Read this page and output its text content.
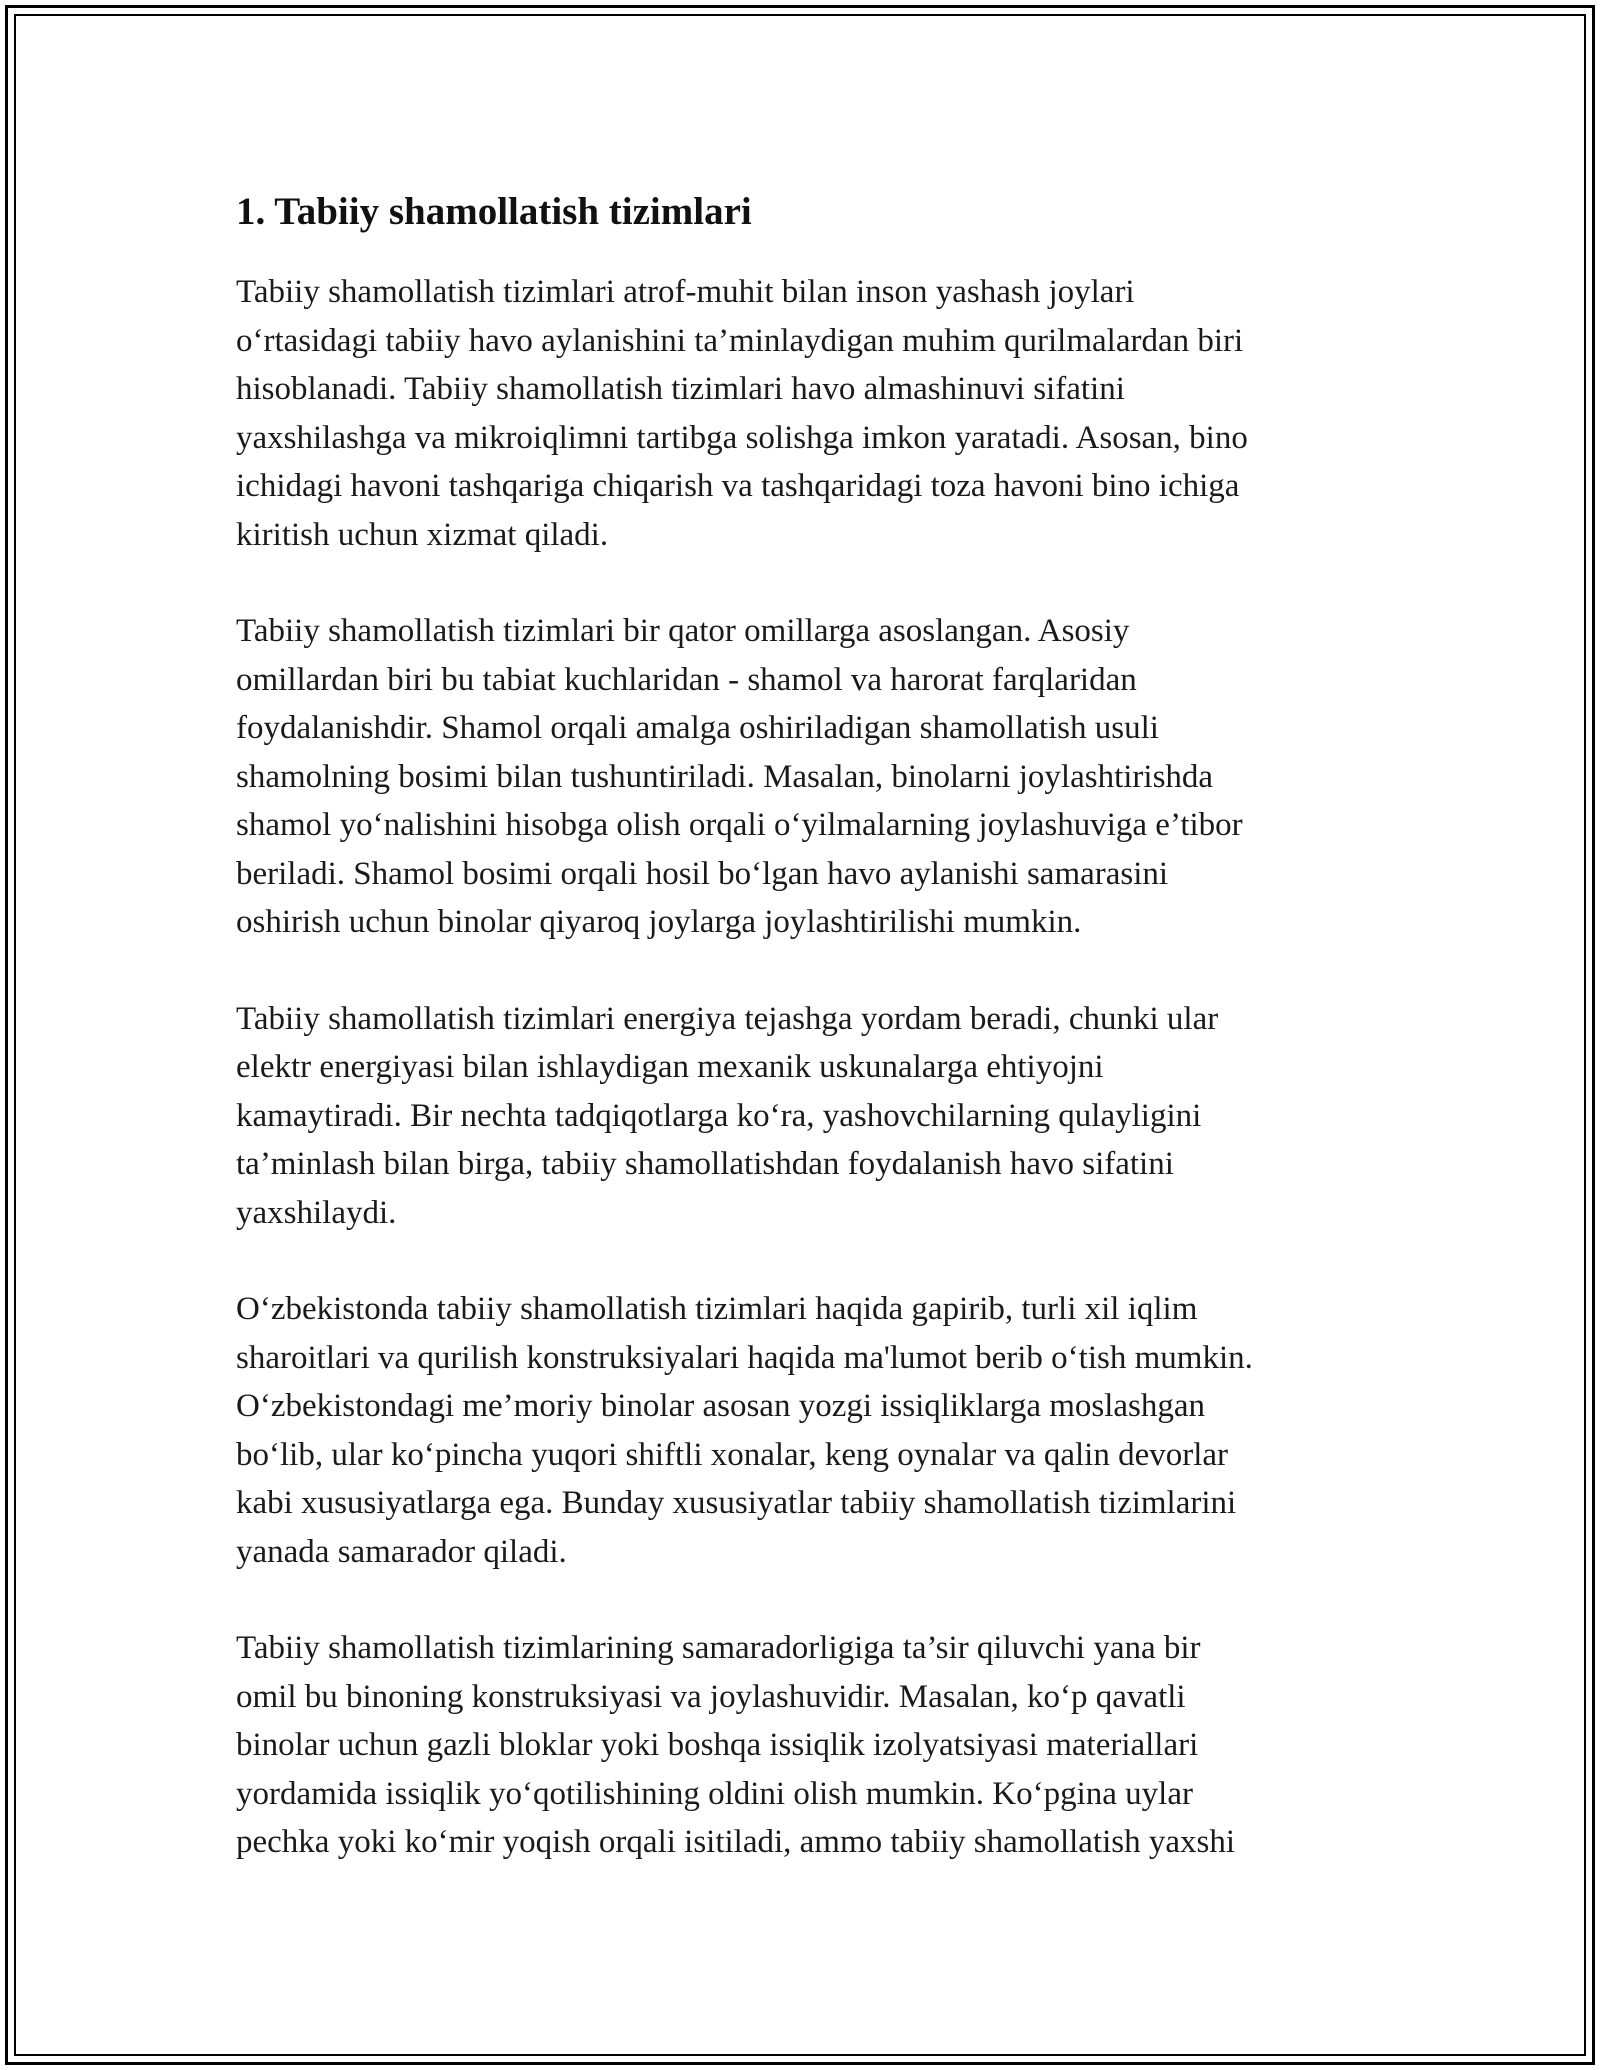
1. Tabiiy shamollatish tizimlari

Tabiiy shamollatish tizimlari atrof-muhit bilan inson yashash joylari
o‘rtasidagi tabiiy havo aylanishini ta’minlaydigan muhim qurilmalardan biri
hisoblanadi. Tabiiy shamollatish tizimlari havo almashinuvi sifatini
yaxshilashga va mikroiqlimni tartibga solishga imkon yaratadi. Asosan, bino
ichidagi havoni tashqariga chiqarish va tashqaridagi toza havoni bino ichiga
kiritish uchun xizmat qiladi.

Tabiiy shamollatish tizimlari bir qator omillarga asoslangan. Asosiy
omillardan biri bu tabiat kuchlaridan - shamol va harorat farqlaridan
foydalanishdir. Shamol orqali amalga oshiriladigan shamollatish usuli
shamolning bosimi bilan tushuntiriladi. Masalan, binolarni joylashtirishda
shamol yo‘nalishini hisobga olish orqali o‘yilmalarning joylashuviga e’tibor
beriladi. Shamol bosimi orqali hosil bo‘lgan havo aylanishi samarasini
oshirish uchun binolar qiyaroq joylarga joylashtirilishi mumkin.

Tabiiy shamollatish tizimlari energiya tejashga yordam beradi, chunki ular
elektr energiyasi bilan ishlaydigan mexanik uskunalarga ehtiyojni
kamaytiradi. Bir nechta tadqiqotlarga ko‘ra, yashovchilarning qulayligini
ta’minlash bilan birga, tabiiy shamollatishdan foydalanish havo sifatini
yaxshilaydi.

O‘zbekistonda tabiiy shamollatish tizimlari haqida gapirib, turli xil iqlim
sharoitlari va qurilish konstruksiyalari haqida ma'lumot berib o‘tish mumkin.
O‘zbekistondagi me’moriy binolar asosan yozgi issiqliklarga moslashgan
bo‘lib, ular ko‘pincha yuqori shiftli xonalar, keng oynalar va qalin devorlar
kabi xususiyatlarga ega. Bunday xususiyatlar tabiiy shamollatish tizimlarini
yanada samarador qiladi.

Tabiiy shamollatish tizimlarining samaradorligiga ta’sir qiluvchi yana bir
omil bu binoning konstruksiyasi va joylashuvidir. Masalan, ko‘p qavatli
binolar uchun gazli bloklar yoki boshqa issiqlik izolyatsiyasi materiallari
yordamida issiqlik yo‘qotilishining oldini olish mumkin. Ko‘pgina uylar
pechka yoki ko‘mir yoqish orqali isitiladi, ammo tabiiy shamollatish yaxshi
